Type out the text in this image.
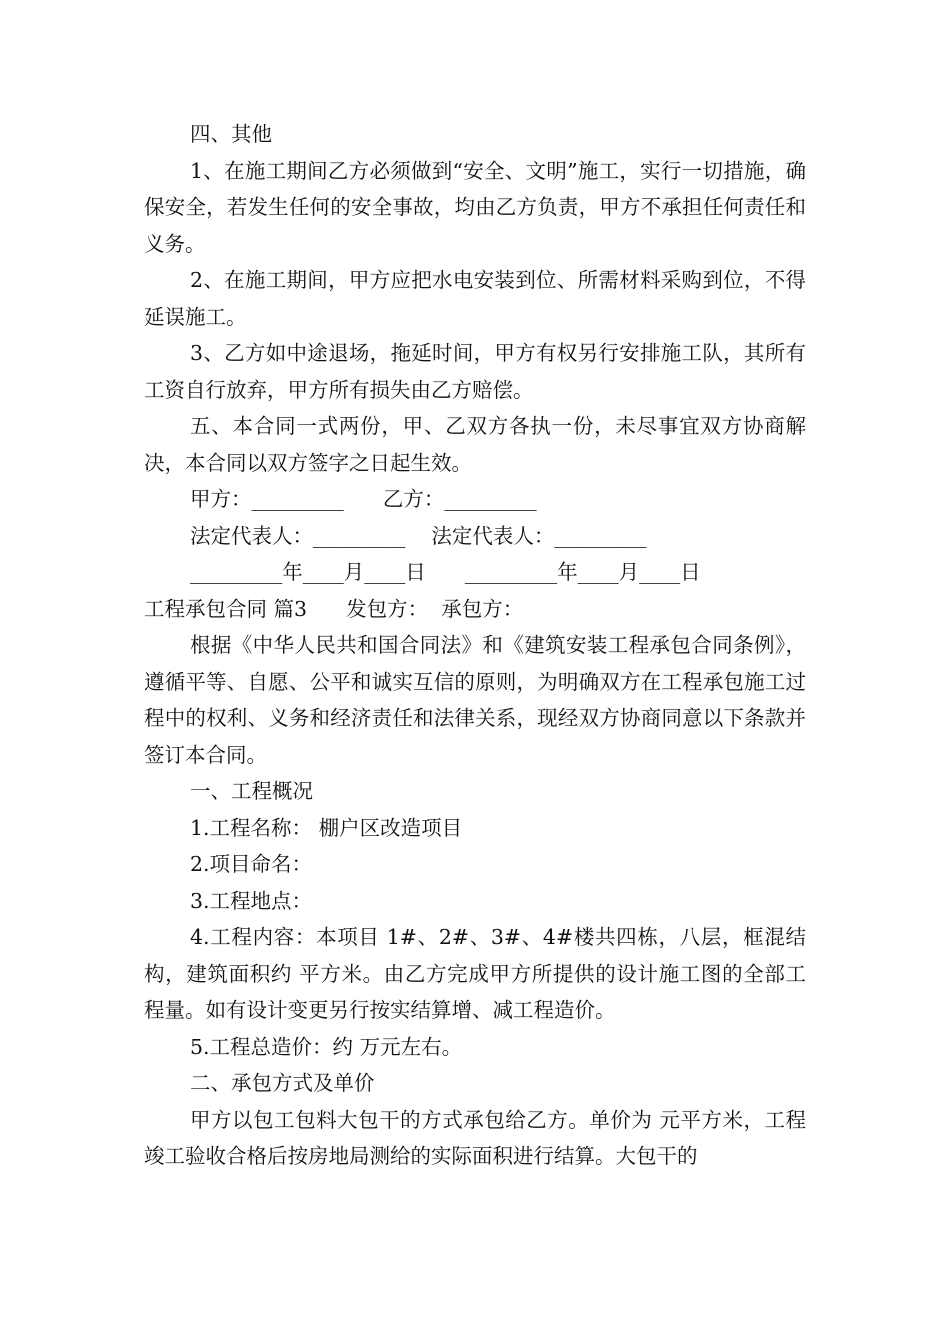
四、其他

1、在施工期间乙方必须做到“安全、文明”施工，实行一切措施，确保安全，若发生任何的安全事故，均由乙方负责，甲方不承担任何责任和义务。

2、在施工期间，甲方应把水电安装到位、所需材料采购到位，不得延误施工。

3、乙方如中途退场，拖延时间，甲方有权另行安排施工队，其所有工资自行放弃，甲方所有损失由乙方赔偿。

五、本合同一式两份，甲、乙双方各执一份，未尽事宜双方协商解决，本合同以双方签字之日起生效。

甲方：_________      乙方：_________

法定代表人：_________    法定代表人：_________

_________年____月____日      _________年____月____日

工程承包合同 篇3      发包方：  承包方：

根据《中华人民共和国合同法》和《建筑安装工程承包合同条例》，遵循平等、自愿、公平和诚实互信的原则，为明确双方在工程承包施工过程中的权利、义务和经济责任和法律关系，现经双方协商同意以下条款并签订本合同。

一、工程概况

1.工程名称： 棚户区改造项目

2.项目命名：

3.工程地点：

4.工程内容：本项目 1#、2#、3#、4#楼共四栋，八层，框混结构，建筑面积约 平方米。由乙方完成甲方所提供的设计施工图的全部工程量。如有设计变更另行按实结算增、减工程造价。

5.工程总造价：约 万元左右。

二、承包方式及单价

甲方以包工包料大包干的方式承包给乙方。单价为 元平方米，工程竣工验收合格后按房地局测给的实际面积进行结算。大包干的
